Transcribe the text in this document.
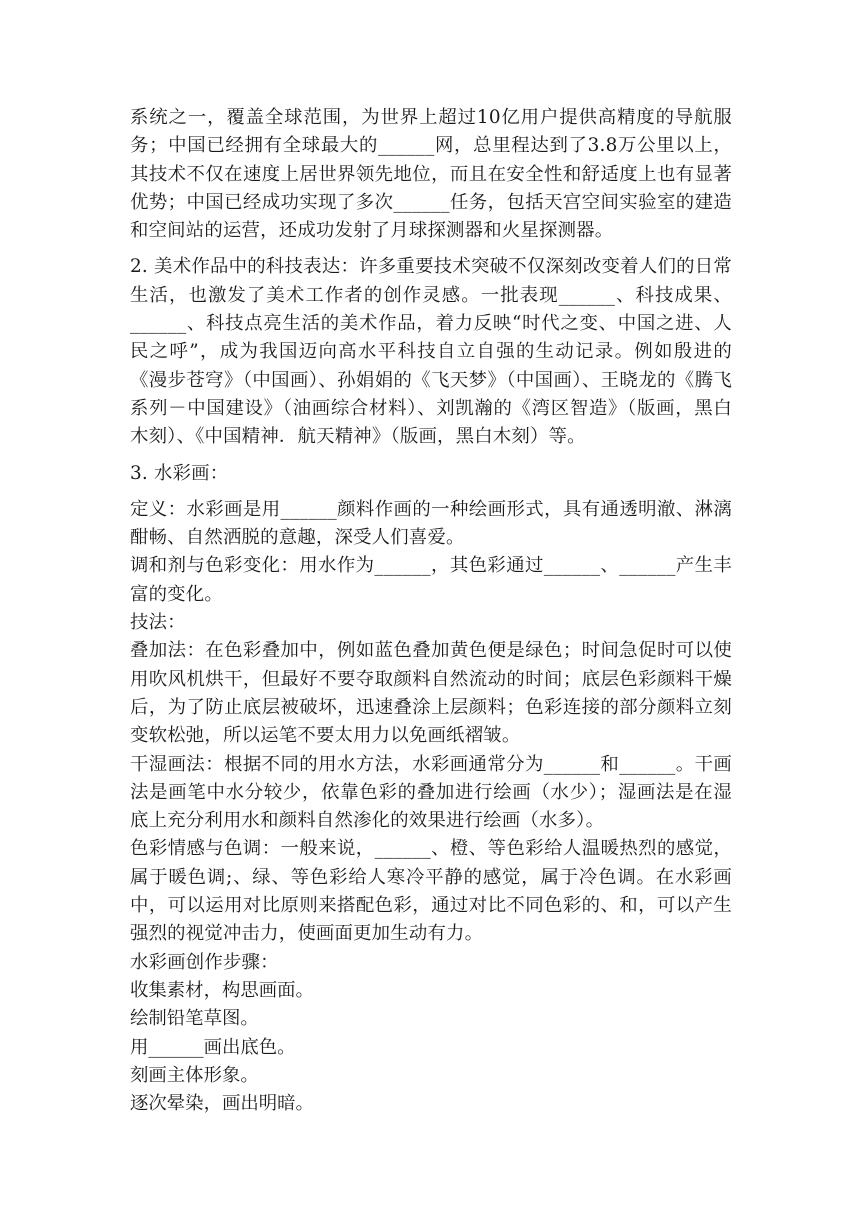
系统之一，覆盖全球范围，为世界上超过10亿用户提供高精度的导航服务；中国已经拥有全球最大的______网，总里程达到了3.8万公里以上，其技术不仅在速度上居世界领先地位，而且在安全性和舒适度上也有显著优势；中国已经成功实现了多次______任务，包括天宫空间实验室的建造和空间站的运营，还成功发射了月球探测器和火星探测器。

2. 美术作品中的科技表达：许多重要技术突破不仅深刻改变着人们的日常生活，也激发了美术工作者的创作灵感。一批表现______、科技成果、______、科技点亮生活的美术作品，着力反映“时代之变、中国之进、人民之呼”，成为我国迈向高水平科技自立自强的生动记录。例如殷进的《漫步苍穹》（中国画）、孙娟娟的《飞天梦》（中国画）、王晓龙的《腾飞系列－中国建设》（油画综合材料）、刘凯瀚的《湾区智造》（版画，黑白木刻）、《中国精神．航天精神》（版画，黑白木刻）等。

3. 水彩画：

定义：水彩画是用______颜料作画的一种绘画形式，具有通透明澈、淋漓酣畅、自然洒脱的意趣，深受人们喜爱。

调和剂与色彩变化：用水作为______，其色彩通过______、______产生丰富的变化。

技法：

叠加法：在色彩叠加中，例如蓝色叠加黄色便是绿色；时间急促时可以使用吹风机烘干，但最好不要夺取颜料自然流动的时间；底层色彩颜料干燥后，为了防止底层被破坏，迅速叠涂上层颜料；色彩连接的部分颜料立刻变软松弛，所以运笔不要太用力以免画纸褶皱。

干湿画法：根据不同的用水方法，水彩画通常分为______和______。干画法是画笔中水分较少，依靠色彩的叠加进行绘画（水少）；湿画法是在湿底上充分利用水和颜料自然渗化的效果进行绘画（水多）。

色彩情感与色调：一般来说，______、橙、等色彩给人温暖热烈的感觉，属于暖色调;、绿、等色彩给人寒冷平静的感觉，属于冷色调。在水彩画中，可以运用对比原则来搭配色彩，通过对比不同色彩的、和，可以产生强烈的视觉冲击力，使画面更加生动有力。

水彩画创作步骤：

收集素材，构思画面。

绘制铅笔草图。

用______画出底色。

刻画主体形象。

逐次晕染，画出明暗。
